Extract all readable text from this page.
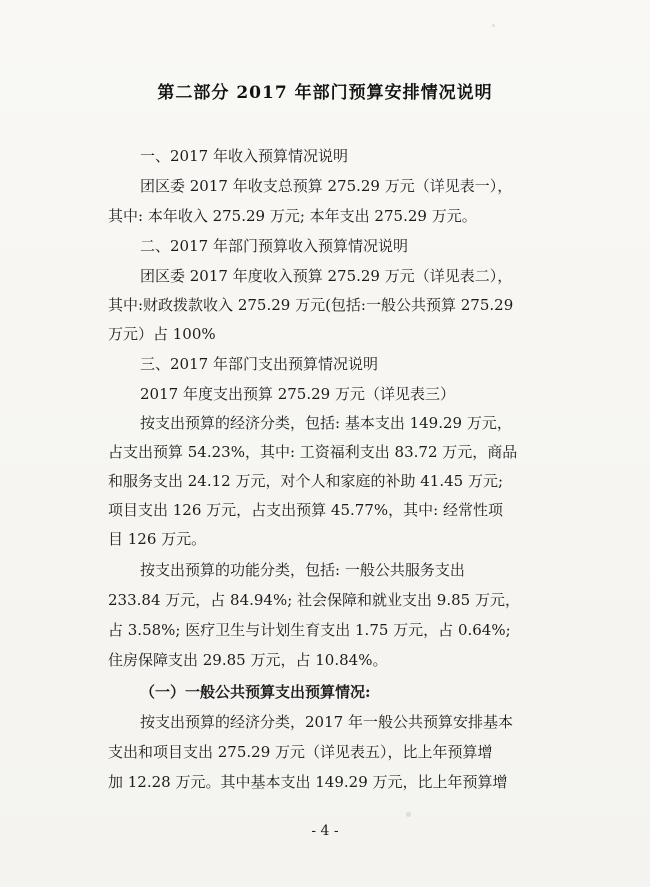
第二部分 2017 年部门预算安排情况说明
一、2017 年收入预算情况说明
团区委 2017 年收支总预算 275.29 万元（详见表一），
其中: 本年收入 275.29 万元; 本年支出 275.29 万元。
二、2017 年部门预算收入预算情况说明
团区委 2017 年度收入预算 275.29 万元（详见表二），
其中:财政拨款收入 275.29 万元(包括:一般公共预算 275.29
万元）占 100%
三、2017 年部门支出预算情况说明
2017 年度支出预算 275.29 万元（详见表三）
按支出预算的经济分类，包括: 基本支出 149.29 万元，
占支出预算 54.23%，其中: 工资福利支出 83.72 万元，商品
和服务支出 24.12 万元，对个人和家庭的补助 41.45 万元;
项目支出 126 万元，占支出预算 45.77%，其中: 经常性项
目 126 万元。
按支出预算的功能分类，包括: 一般公共服务支出
233.84 万元，占 84.94%; 社会保障和就业支出 9.85 万元，
占 3.58%; 医疗卫生与计划生育支出 1.75 万元，占 0.64%;
住房保障支出 29.85 万元，占 10.84%。
（一）一般公共预算支出预算情况:
按支出预算的经济分类，2017 年一般公共预算安排基本
支出和项目支出 275.29 万元（详见表五），比上年预算增
加 12.28 万元。其中基本支出 149.29 万元，比上年预算增
- 4 -
